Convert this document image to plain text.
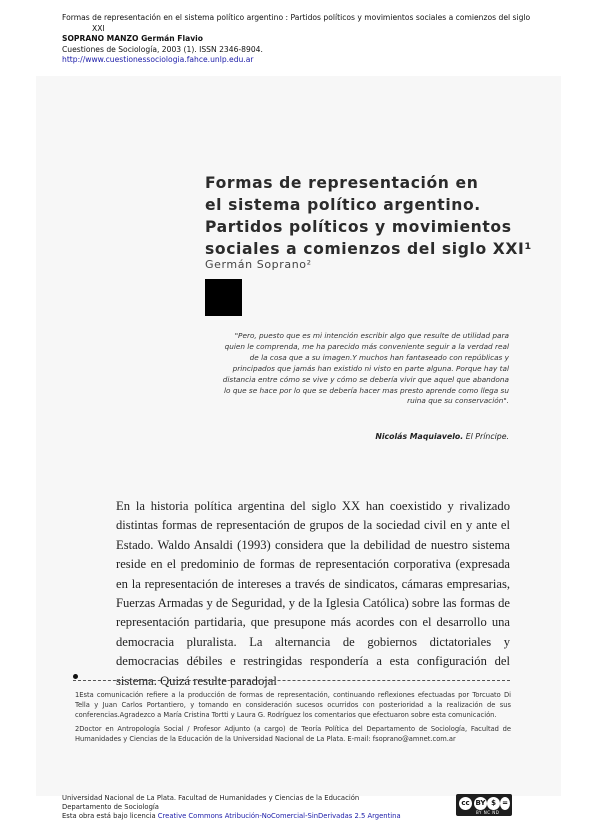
Formas de representación en el sistema político argentino : Partidos políticos y movimientos sociales a comienzos del siglo
XXI
SOPRANO MANZO Germán Flavio
Cuestiones de Sociología, 2003 (1). ISSN 2346-8904.
http://www.cuestionessociologia.fahce.unlp.edu.ar
Formas de representación en
el sistema político argentino.
Partidos políticos y movimientos
sociales a comienzos del siglo XXI¹
Germán Soprano²
"Pero, puesto que es mi intención escribir algo que resulte de utilidad para quien le comprenda, me ha parecido más conveniente seguir a la verdad real de la cosa que a su imagen.Y muchos han fantaseado con repúblicas y principados que jamás han existido ni visto en parte alguna. Porque hay tal distancia entre cómo se vive y cómo se debería vivir que aquel que abandona lo que se hace por lo que se debería hacer mas presto aprende como llega su ruina que su conservación".
Nicolás Maquiavelo. El Príncipe.

En la historia política argentina del siglo XX han coexistido y rivalizado distintas formas de representación de grupos de la sociedad civil en y ante el Estado. Waldo Ansaldi (1993) considera que la debilidad de nuestro sistema reside en el predominio de formas de representación corporativa (expresada en la representación de intereses a través de sindicatos, cámaras empresarias, Fuerzas Armadas y de Seguridad, y de la Iglesia Católica) sobre las formas de representación partidaria, que presupone más acordes con el desarrollo una democracia pluralista. La alternancia de gobiernos dictatoriales y democracias débiles e restringidas respondería a esta configuración del sistema. Quizá resulte paradojal

1Esta comunicación refiere a la producción de formas de representación, continuando reflexiones efectuadas por Torcuato Di Tella y Juan Carlos Portantiero, y tomando en consideración sucesos ocurridos con posterioridad a la realización de sus conferencias.Agradezco a María Cristina Tortti y Laura G. Rodríguez los comentarios que efectuaron sobre esta comunicación.

2Doctor en Antropología Social / Profesor Adjunto (a cargo) de Teoría Política del Departamento de Sociología, Facultad de Humanidades y Ciencias de la Educación de la Universidad Nacional de La Plata. E-mail: fsoprano@amnet.com.ar

Universidad Nacional de La Plata. Facultad de Humanidades y Ciencias de la Educación
Departamento de Sociología
Esta obra está bajo licencia Creative Commons Atribución-NoComercial-SinDerivadas 2.5 Argentina
cc BY $ =
BY NC ND
